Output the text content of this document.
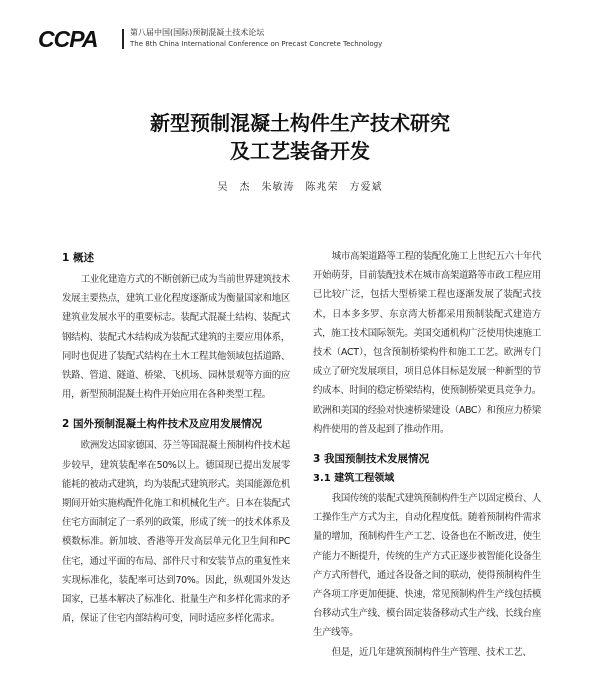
CCPA	第八届中国(国际)预制混凝土技术论坛
The 8th China International Conference on Precast Concrete Technology
新型预制混凝土构件生产技术研究
及工艺装备开发
吴　杰　朱敏涛　陈兆荣　方爱斌
1 概述

工业化建造方式的不断创新已成为当前世界建筑技术发展主要热点，建筑工业化程度逐渐成为衡量国家和地区建筑业发展水平的重要标志。装配式混凝土结构、装配式钢结构、装配式木结构成为装配式建筑的主要应用体系，同时也促进了装配式结构在土木工程其他领域包括道路、铁路、管道、隧道、桥梁、飞机场、园林景观等方面的应用，新型预制混凝土构件开始应用在各种类型工程。

2 国外预制混凝土构件技术及应用发展情况

欧洲发达国家德国、芬兰等国混凝土预制构件技术起步较早，建筑装配率在50%以上。德国现已提出发展零能耗的被动式建筑，均为装配式建筑形式。美国能源危机期间开始实施构配件化施工和机械化生产。日本在装配式住宅方面制定了一系列的政策，形成了统一的技术体系及模数标准。新加坡、香港等开发高层单元化卫生间和PC住宅，通过平面的布局、部件尺寸和安装节点的重复性来实现标准化，装配率可达到70%。因此，纵观国外发达国家，已基本解决了标准化、批量生产和多样化需求的矛盾，保证了住宅内部结构可变，同时适应多样化需求。

城市高架道路等工程的装配化施工上世纪五六十年代开始萌芽，目前装配技术在城市高架道路等市政工程应用已比较广泛，包括大型桥梁工程也逐渐发展了装配式技术，日本多多罗、东京湾大桥都采用预制装配式建造方式，施工技术国际领先。美国交通机构广泛使用快速施工技术（ACT），包含预制桥梁构件和施工工艺。欧洲专门成立了研究发展项目，项目总体目标是发展一种新型的节约成本、时间的稳定桥梁结构，使预制桥梁更具竞争力。欧洲和美国的经验对快速桥梁建设（ABC）和预应力桥梁构件使用的普及起到了推动作用。

3 我国预制技术发展情况
3.1 建筑工程领域

我国传统的装配式建筑预制构件生产以固定模台、人工操作生产方式为主，自动化程度低。随着预制构件需求量的增加，预制构件生产工艺、设备也在不断改进，使生产能力不断提升，传统的生产方式正逐步被智能化设备生产方式所替代，通过各设备之间的联动，使得预制构件生产各项工序更加便捷、快速，常见预制构件生产线包括模台移动式生产线、模台固定装备移动式生产线、长线台座生产线等。

但是，近几年建筑预制构件生产管理、技术工艺、
